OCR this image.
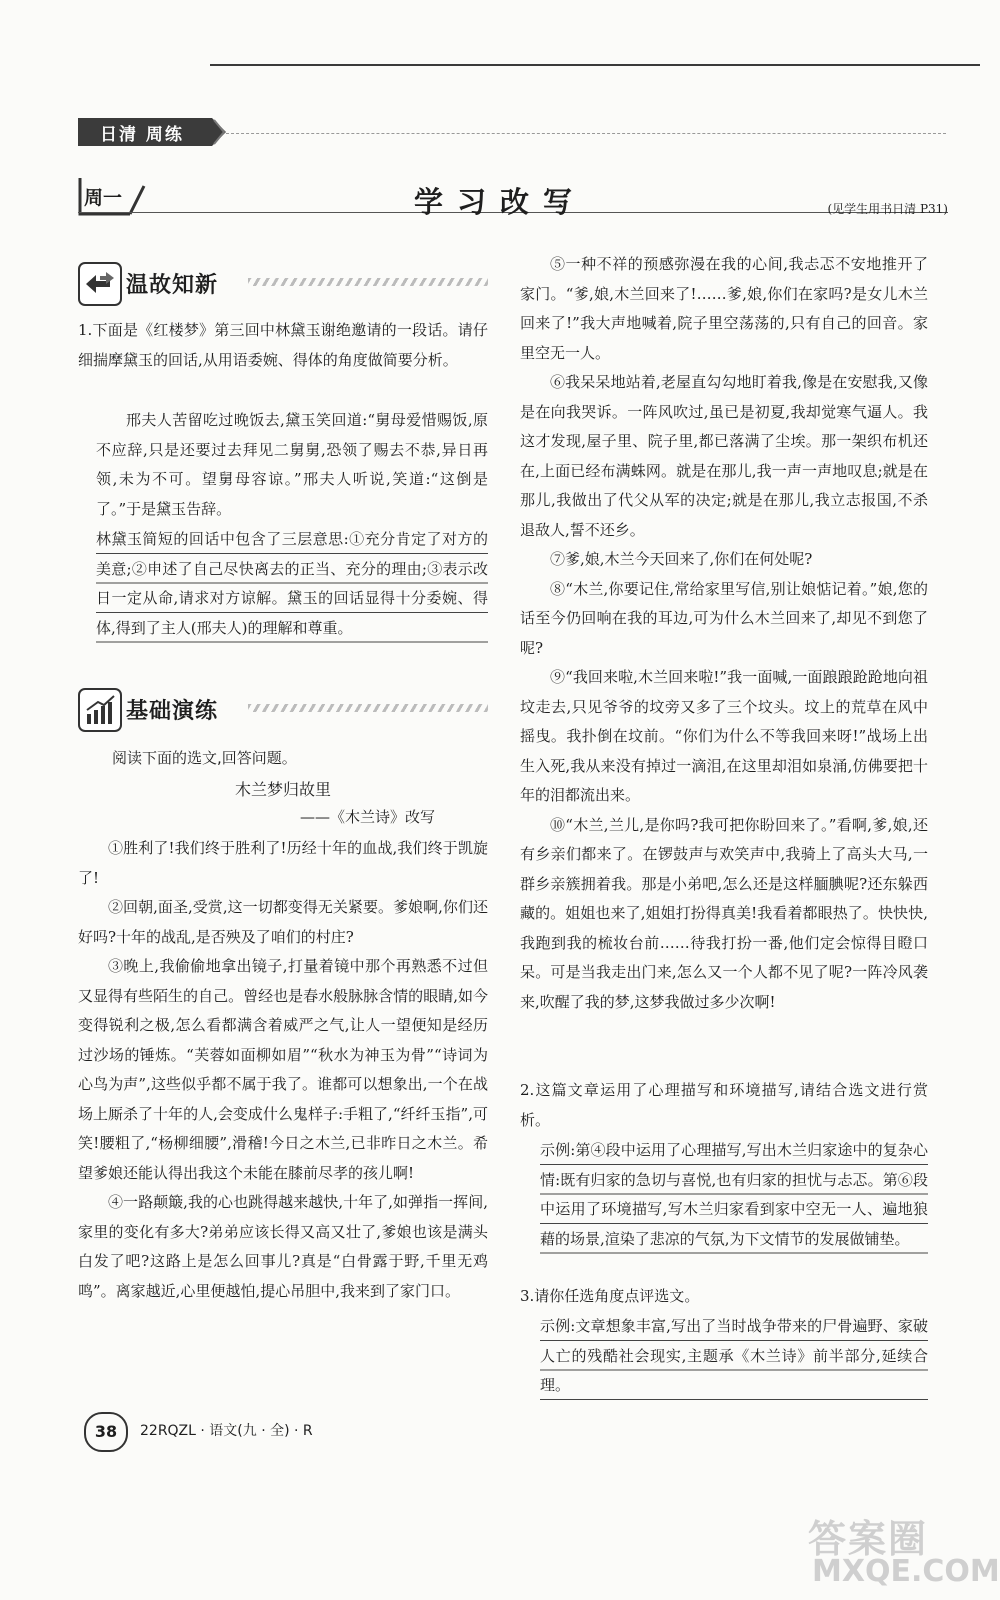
日清 周练
周一	学习改写	(见学生用书日清 P31)
温故知新

1.下面是《红楼梦》第三回中林黛玉谢绝邀请的一段话。请仔细揣摩黛玉的回话,从用语委婉、得体的角度做简要分析。

邢夫人苦留吃过晚饭去,黛玉笑回道:“舅母爱惜赐饭,原不应辞,只是还要过去拜见二舅舅,恐领了赐去不恭,异日再领,未为不可。望舅母容谅。”邢夫人听说,笑道:“这倒是了。”于是黛玉告辞。

林黛玉简短的回话中包含了三层意思:①充分肯定了对方的美意;②申述了自己尽快离去的正当、充分的理由;③表示改日一定从命,请求对方谅解。黛玉的回话显得十分委婉、得体,得到了主人(邢夫人)的理解和尊重。

基础演练

阅读下面的选文,回答问题。

木兰梦归故里

——《木兰诗》改写

①胜利了!我们终于胜利了!历经十年的血战,我们终于凯旋了!

②回朝,面圣,受赏,这一切都变得无关紧要。爹娘啊,你们还好吗?十年的战乱,是否殃及了咱们的村庄?

③晚上,我偷偷地拿出镜子,打量着镜中那个再熟悉不过但又显得有些陌生的自己。曾经也是春水般脉脉含情的眼睛,如今变得锐利之极,怎么看都满含着威严之气,让人一望便知是经历过沙场的锤炼。“芙蓉如面柳如眉”“秋水为神玉为骨”“诗词为心鸟为声”,这些似乎都不属于我了。谁都可以想象出,一个在战场上厮杀了十年的人,会变成什么鬼样子:手粗了,“纤纤玉指”,可笑!腰粗了,“杨柳细腰”,滑稽!今日之木兰,已非昨日之木兰。希望爹娘还能认得出我这个未能在膝前尽孝的孩儿啊!

④一路颠簸,我的心也跳得越来越快,十年了,如弹指一挥间,家里的变化有多大?弟弟应该长得又高又壮了,爹娘也该是满头白发了吧?这路上是怎么回事儿?真是“白骨露于野,千里无鸡鸣”。离家越近,心里便越怕,提心吊胆中,我来到了家门口。

⑤一种不祥的预感弥漫在我的心间,我忐忑不安地推开了家门。“爹,娘,木兰回来了!……爹,娘,你们在家吗?是女儿木兰回来了!”我大声地喊着,院子里空荡荡的,只有自己的回音。家里空无一人。

⑥我呆呆地站着,老屋直勾勾地盯着我,像是在安慰我,又像是在向我哭诉。一阵风吹过,虽已是初夏,我却觉寒气逼人。我这才发现,屋子里、院子里,都已落满了尘埃。那一架织布机还在,上面已经布满蛛网。就是在那儿,我一声一声地叹息;就是在那儿,我做出了代父从军的决定;就是在那儿,我立志报国,不杀退敌人,誓不还乡。

⑦爹,娘,木兰今天回来了,你们在何处呢?

⑧“木兰,你要记住,常给家里写信,别让娘惦记着。”娘,您的话至今仍回响在我的耳边,可为什么木兰回来了,却见不到您了呢?

⑨“我回来啦,木兰回来啦!”我一面喊,一面踉踉跄跄地向祖坟走去,只见爷爷的坟旁又多了三个坟头。坟上的荒草在风中摇曳。我扑倒在坟前。“你们为什么不等我回来呀!”战场上出生入死,我从来没有掉过一滴泪,在这里却泪如泉涌,仿佛要把十年的泪都流出来。

⑩“木兰,兰儿,是你吗?我可把你盼回来了。”看啊,爹,娘,还有乡亲们都来了。在锣鼓声与欢笑声中,我骑上了高头大马,一群乡亲簇拥着我。那是小弟吧,怎么还是这样腼腆呢?还东躲西藏的。姐姐也来了,姐姐打扮得真美!我看着都眼热了。快快快,我跑到我的梳妆台前……待我打扮一番,他们定会惊得目瞪口呆。可是当我走出门来,怎么又一个人都不见了呢?一阵冷风袭来,吹醒了我的梦,这梦我做过多少次啊!

2.这篇文章运用了心理描写和环境描写,请结合选文进行赏析。

示例:第④段中运用了心理描写,写出木兰归家途中的复杂心情:既有归家的急切与喜悦,也有归家的担忧与忐忑。第⑥段中运用了环境描写,写木兰归家看到家中空无一人、遍地狼藉的场景,渲染了悲凉的气氛,为下文情节的发展做铺垫。

3.请你任选角度点评选文。

示例:文章想象丰富,写出了当时战争带来的尸骨遍野、家破人亡的残酷社会现实,主题承《木兰诗》前半部分,延续合理。

38	22RQZL · 语文(九 · 全) · R
答案圈
MXQE.COM
